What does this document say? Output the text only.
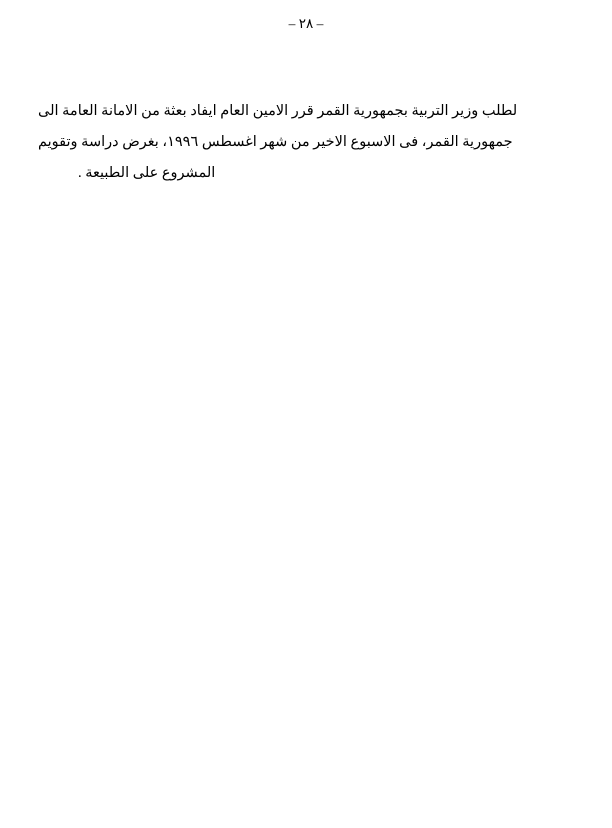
– ٢٨ –

لطلب وزير التربية بجمهورية القمر قرر الامين العام ايفاد بعثة من الامانة العامة الى
جمهورية القمر، فى الاسبوع الاخير من شهر اغسطس ١٩٩٦، بغرض دراسة وتقويم
المشروع على الطبيعة .
